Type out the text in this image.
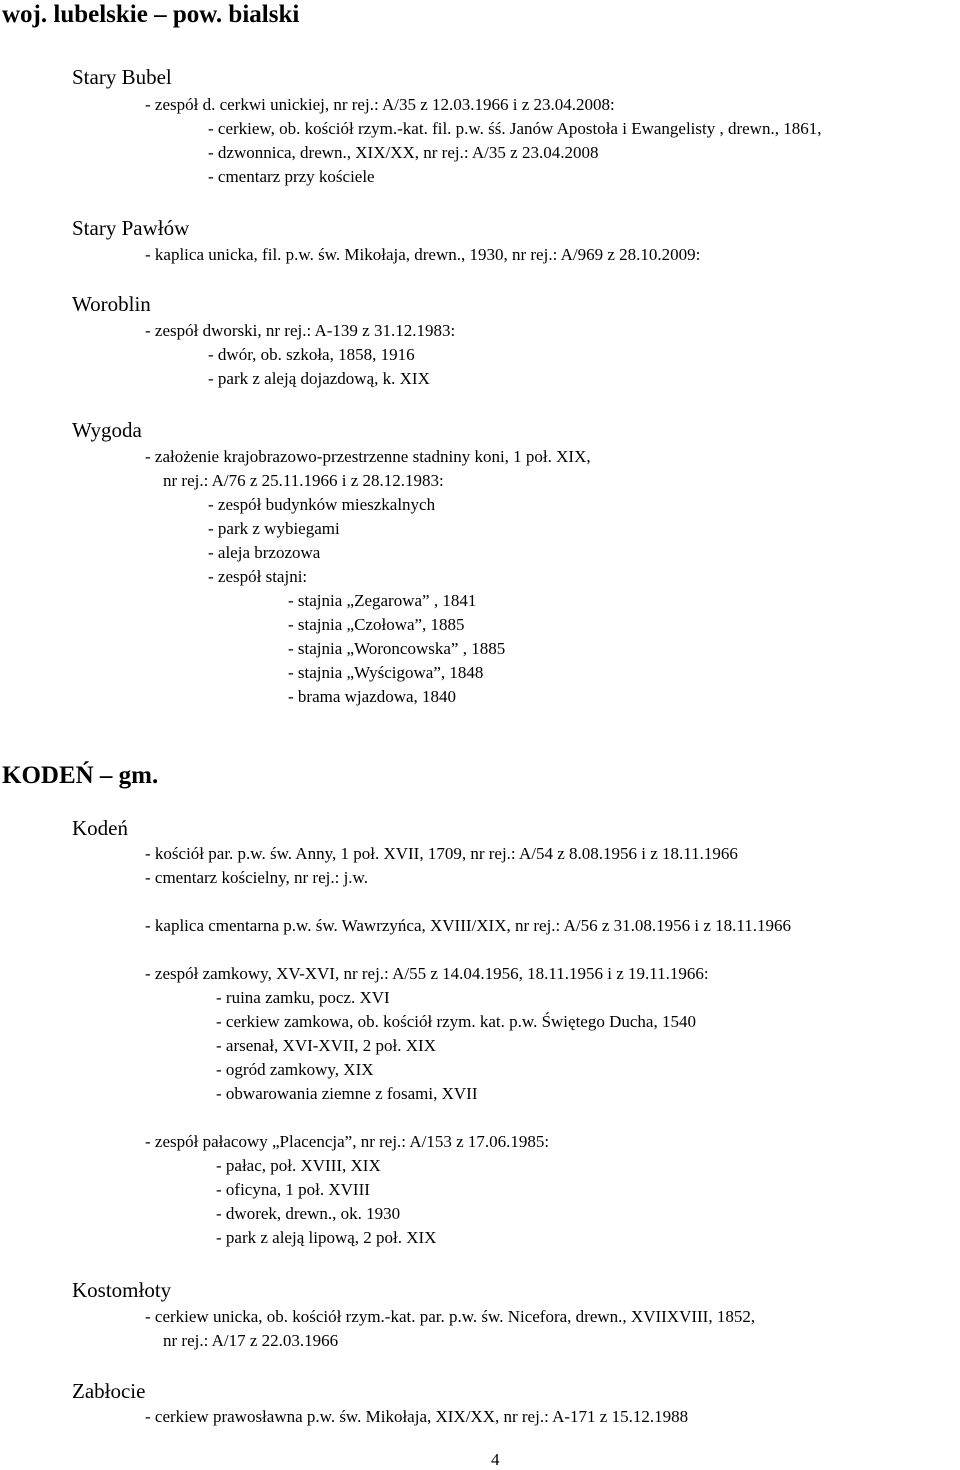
woj. lubelskie – pow. bialski
Stary Bubel
- zespół d. cerkwi unickiej, nr rej.: A/35 z 12.03.1966 i z 23.04.2008:
- cerkiew, ob. kościół rzym.-kat. fil. p.w. śś. Janów Apostoła i Ewangelisty , drewn., 1861,
- dzwonnica, drewn., XIX/XX, nr rej.: A/35 z 23.04.2008
- cmentarz przy kościele
Stary Pawłów
- kaplica unicka, fil. p.w. św. Mikołaja, drewn., 1930, nr rej.: A/969 z 28.10.2009:
Woroblin
- zespół dworski, nr rej.: A-139 z 31.12.1983:
- dwór, ob. szkoła, 1858, 1916
- park z aleją dojazdową, k. XIX
Wygoda
- założenie krajobrazowo-przestrzenne stadniny koni, 1 poł. XIX,
nr rej.: A/76 z 25.11.1966 i z 28.12.1983:
- zespół budynków mieszkalnych
- park z wybiegami
- aleja brzozowa
- zespół stajni:
- stajnia „Zegarowa” , 1841
- stajnia „Czołowa”, 1885
- stajnia „Woroncowska” , 1885
- stajnia „Wyścigowa”, 1848
- brama wjazdowa, 1840
KODEŃ – gm.
Kodeń
- kościół par. p.w. św. Anny, 1 poł. XVII, 1709, nr rej.: A/54 z 8.08.1956 i z 18.11.1966
- cmentarz kościelny, nr rej.: j.w.
- kaplica cmentarna p.w. św. Wawrzyńca, XVIII/XIX, nr rej.: A/56 z 31.08.1956 i z 18.11.1966
- zespół zamkowy, XV-XVI, nr rej.: A/55 z 14.04.1956, 18.11.1956 i z 19.11.1966:
- ruina zamku, pocz. XVI
- cerkiew zamkowa, ob. kościół rzym. kat. p.w. Świętego Ducha, 1540
- arsenał, XVI-XVII, 2 poł. XIX
- ogród zamkowy, XIX
- obwarowania ziemne z fosami, XVII
- zespół pałacowy „Placencja”, nr rej.: A/153 z 17.06.1985:
- pałac, poł. XVIII, XIX
- oficyna, 1 poł. XVIII
- dworek, drewn., ok. 1930
- park z aleją lipową, 2 poł. XIX
Kostomłoty
- cerkiew unicka, ob. kościół rzym.-kat. par. p.w. św. Nicefora, drewn., XVIIXVIII, 1852,
nr rej.: A/17 z 22.03.1966
Zabłocie
- cerkiew prawosławna p.w. św. Mikołaja, XIX/XX, nr rej.: A-171 z 15.12.1988
4
